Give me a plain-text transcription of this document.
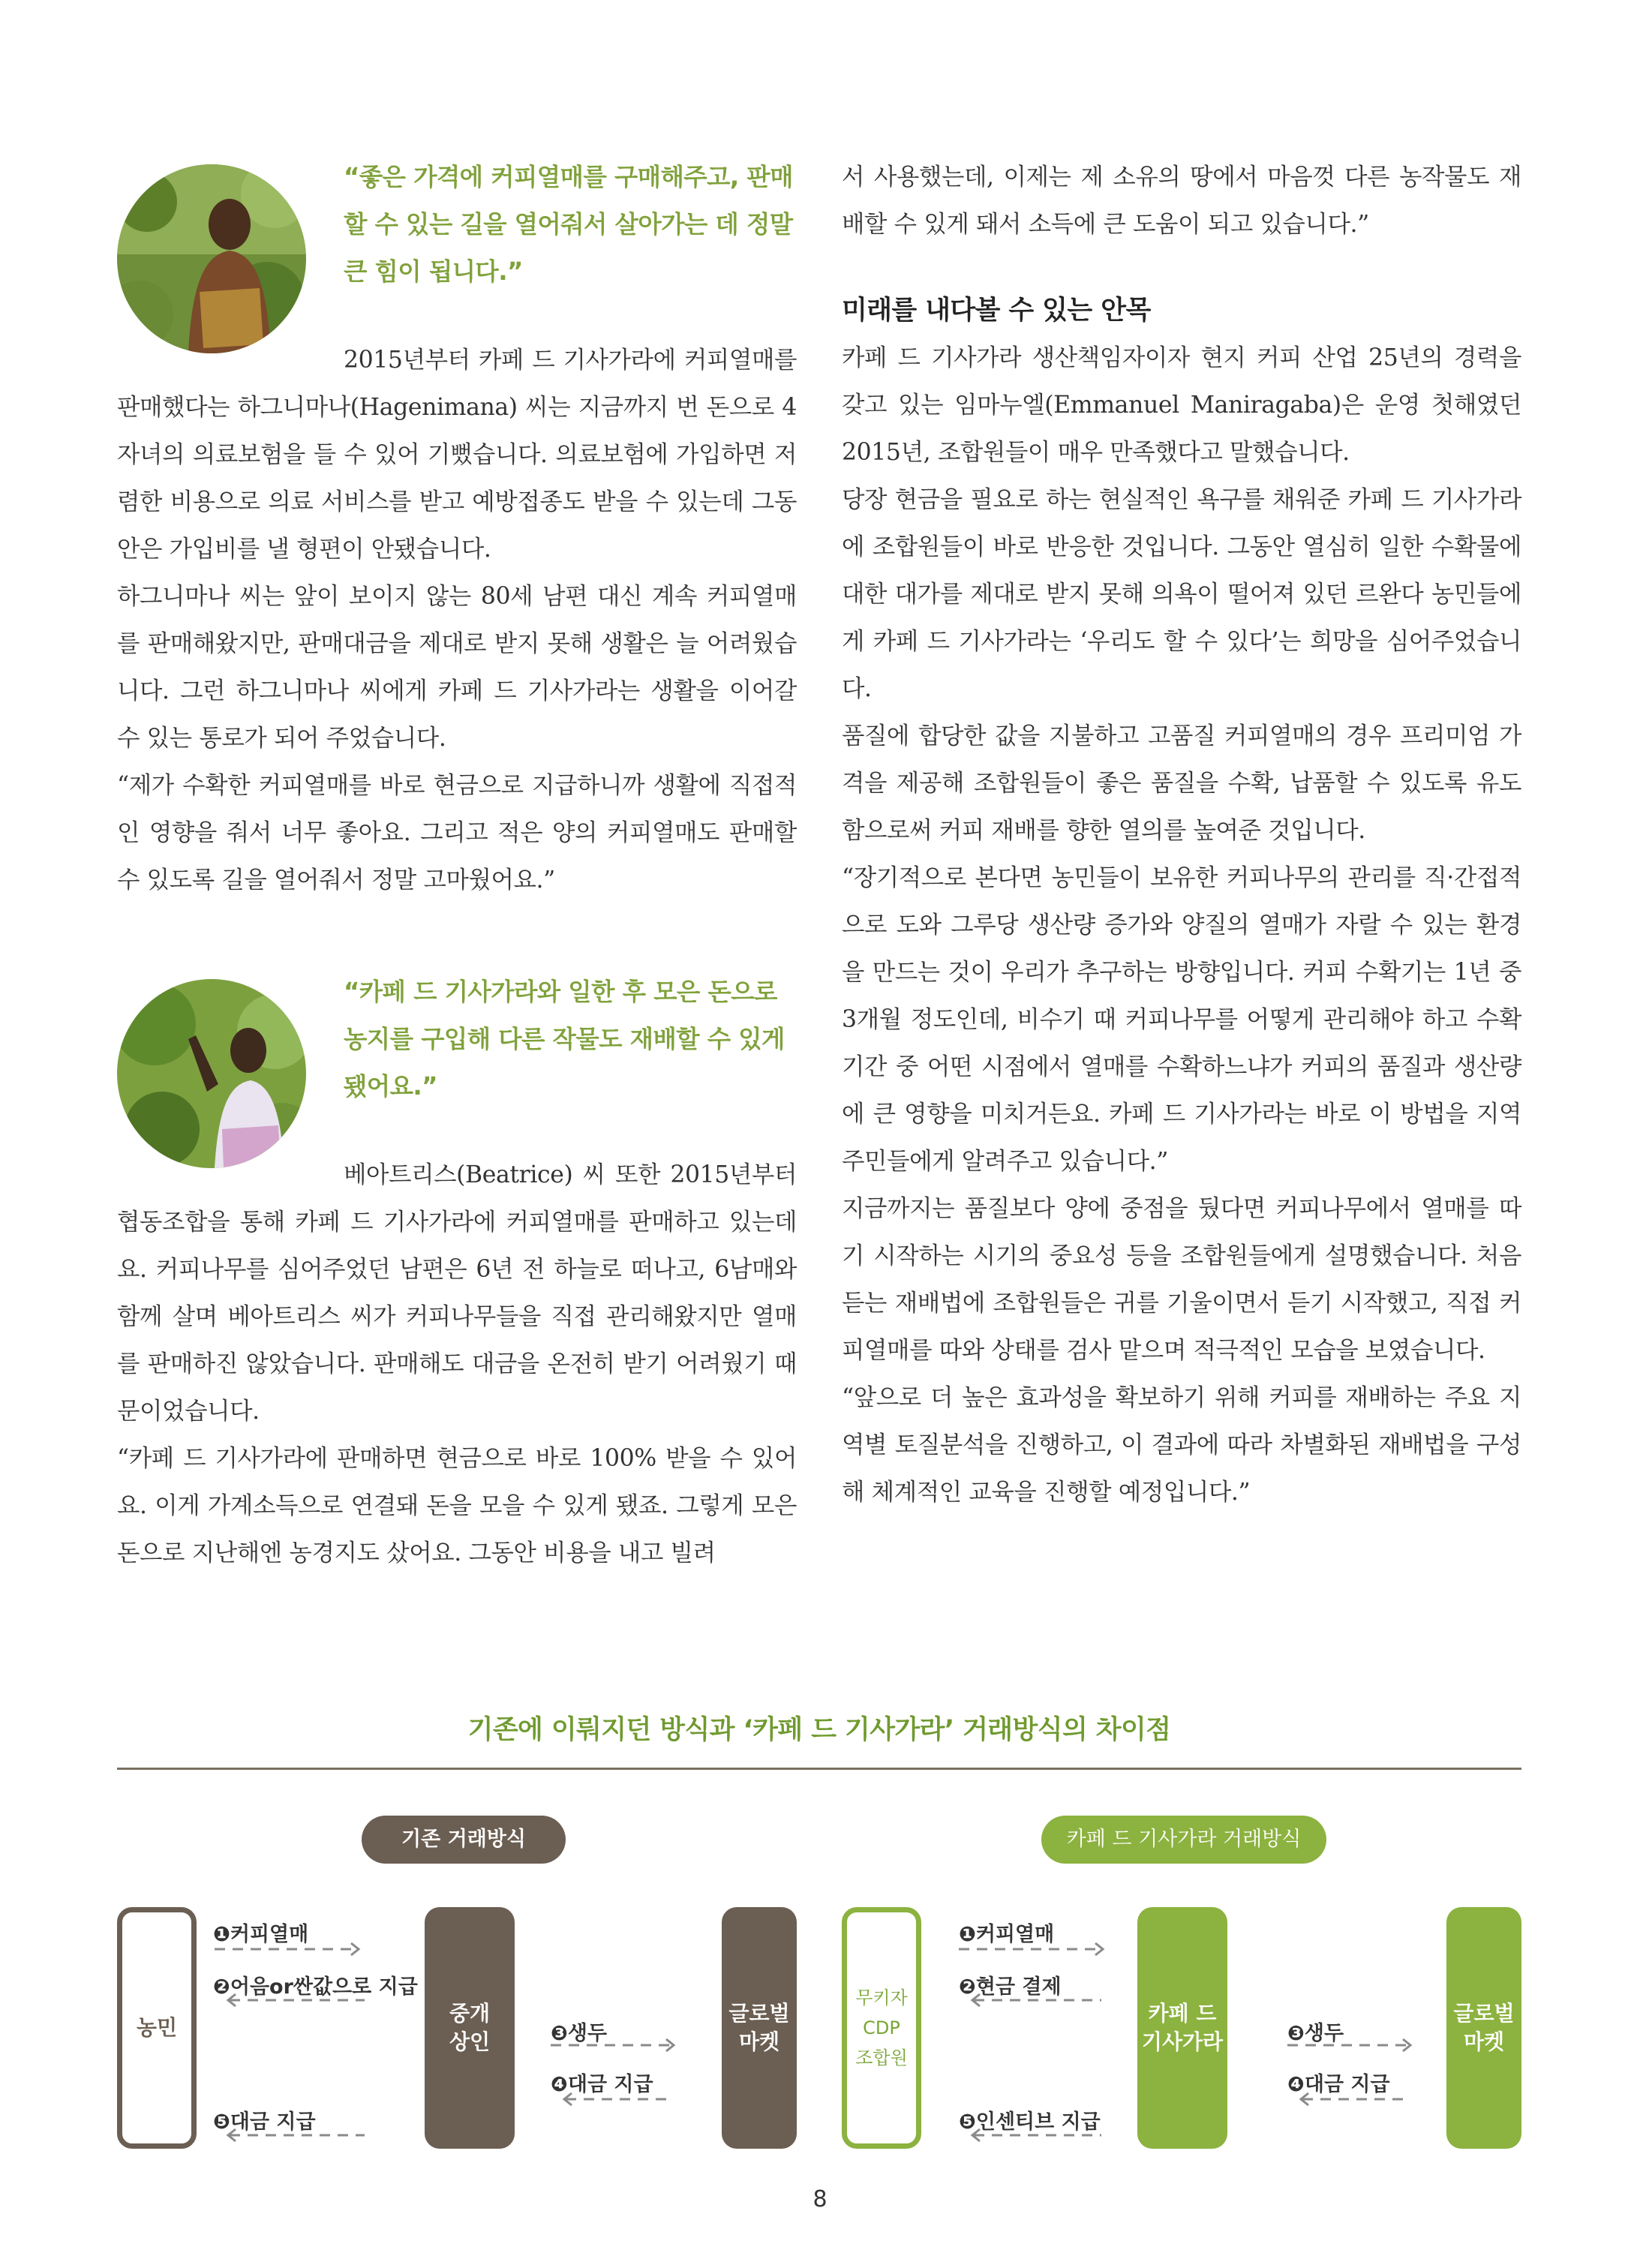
“좋은 가격에 커피열매를 구매해주고, 판매할 수 있는 길을 열어줘서 살아가는 데 정말 큰 힘이 됩니다.”

2015년부터 카페 드 기사가라에 커피열매를 판매했다는 하그니마나(Hagenimana) 씨는 지금까지 번 돈으로 4자녀의 의료보험을 들 수 있어 기뻤습니다. 의료보험에 가입하면 저렴한 비용으로 의료 서비스를 받고 예방접종도 받을 수 있는데 그동안은 가입비를 낼 형편이 안됐습니다.

하그니마나 씨는 앞이 보이지 않는 80세 남편 대신 계속 커피열매를 판매해왔지만, 판매대금을 제대로 받지 못해 생활은 늘 어려웠습니다. 그런 하그니마나 씨에게 카페 드 기사가라는 생활을 이어갈 수 있는 통로가 되어 주었습니다.

“제가 수확한 커피열매를 바로 현금으로 지급하니까 생활에 직접적인 영향을 줘서 너무 좋아요. 그리고 적은 양의 커피열매도 판매할 수 있도록 길을 열어줘서 정말 고마웠어요.”

“카페 드 기사가라와 일한 후 모은 돈으로 농지를 구입해 다른 작물도 재배할 수 있게 됐어요.”

베아트리스(Beatrice) 씨 또한 2015년부터 협동조합을 통해 카페 드 기사가라에 커피열매를 판매하고 있는데요. 커피나무를 심어주었던 남편은 6년 전 하늘로 떠나고, 6남매와 함께 살며 베아트리스 씨가 커피나무들을 직접 관리해왔지만 열매를 판매하진 않았습니다. 판매해도 대금을 온전히 받기 어려웠기 때문이었습니다.

“카페 드 기사가라에 판매하면 현금으로 바로 100% 받을 수 있어요. 이게 가계소득으로 연결돼 돈을 모을 수 있게 됐죠. 그렇게 모은 돈으로 지난해엔 농경지도 샀어요. 그동안 비용을 내고 빌려

서 사용했는데, 이제는 제 소유의 땅에서 마음껏 다른 농작물도 재배할 수 있게 돼서 소득에 큰 도움이 되고 있습니다.”

미래를 내다볼 수 있는 안목

카페 드 기사가라 생산책임자이자 현지 커피 산업 25년의 경력을 갖고 있는 임마누엘(Emmanuel Maniragaba)은 운영 첫해였던 2015년, 조합원들이 매우 만족했다고 말했습니다.

당장 현금을 필요로 하는 현실적인 욕구를 채워준 카페 드 기사가라에 조합원들이 바로 반응한 것입니다. 그동안 열심히 일한 수확물에 대한 대가를 제대로 받지 못해 의욕이 떨어져 있던 르완다 농민들에게 카페 드 기사가라는 ‘우리도 할 수 있다’는 희망을 심어주었습니다.

품질에 합당한 값을 지불하고 고품질 커피열매의 경우 프리미엄 가격을 제공해 조합원들이 좋은 품질을 수확, 납품할 수 있도록 유도함으로써 커피 재배를 향한 열의를 높여준 것입니다.

“장기적으로 본다면 농민들이 보유한 커피나무의 관리를 직·간접적으로 도와 그루당 생산량 증가와 양질의 열매가 자랄 수 있는 환경을 만드는 것이 우리가 추구하는 방향입니다. 커피 수확기는 1년 중 3개월 정도인데, 비수기 때 커피나무를 어떻게 관리해야 하고 수확기간 중 어떤 시점에서 열매를 수확하느냐가 커피의 품질과 생산량에 큰 영향을 미치거든요. 카페 드 기사가라는 바로 이 방법을 지역주민들에게 알려주고 있습니다.”

지금까지는 품질보다 양에 중점을 뒀다면 커피나무에서 열매를 따기 시작하는 시기의 중요성 등을 조합원들에게 설명했습니다. 처음 듣는 재배법에 조합원들은 귀를 기울이면서 듣기 시작했고, 직접 커피열매를 따와 상태를 검사 맡으며 적극적인 모습을 보였습니다.

“앞으로 더 높은 효과성을 확보하기 위해 커피를 재배하는 주요 지역별 토질분석을 진행하고, 이 결과에 따라 차별화된 재배법을 구성해 체계적인 교육을 진행할 예정입니다.”

기존에 이뤄지던 방식과 ‘카페 드 기사가라’ 거래방식의 차이점
기존 거래방식	카페 드 기사가라 거래방식
농민
중개
상인
글로벌
마켓
무키자
CDP
조합원
카페 드
기사가라
글로벌
마켓
❶커피열매
❷어음or싼값으로 지급
❸생두
❹대금 지급
❺대금 지급
❶커피열매
❷현금 결제
❸생두
❹대금 지급
❺인센티브 지급
8
